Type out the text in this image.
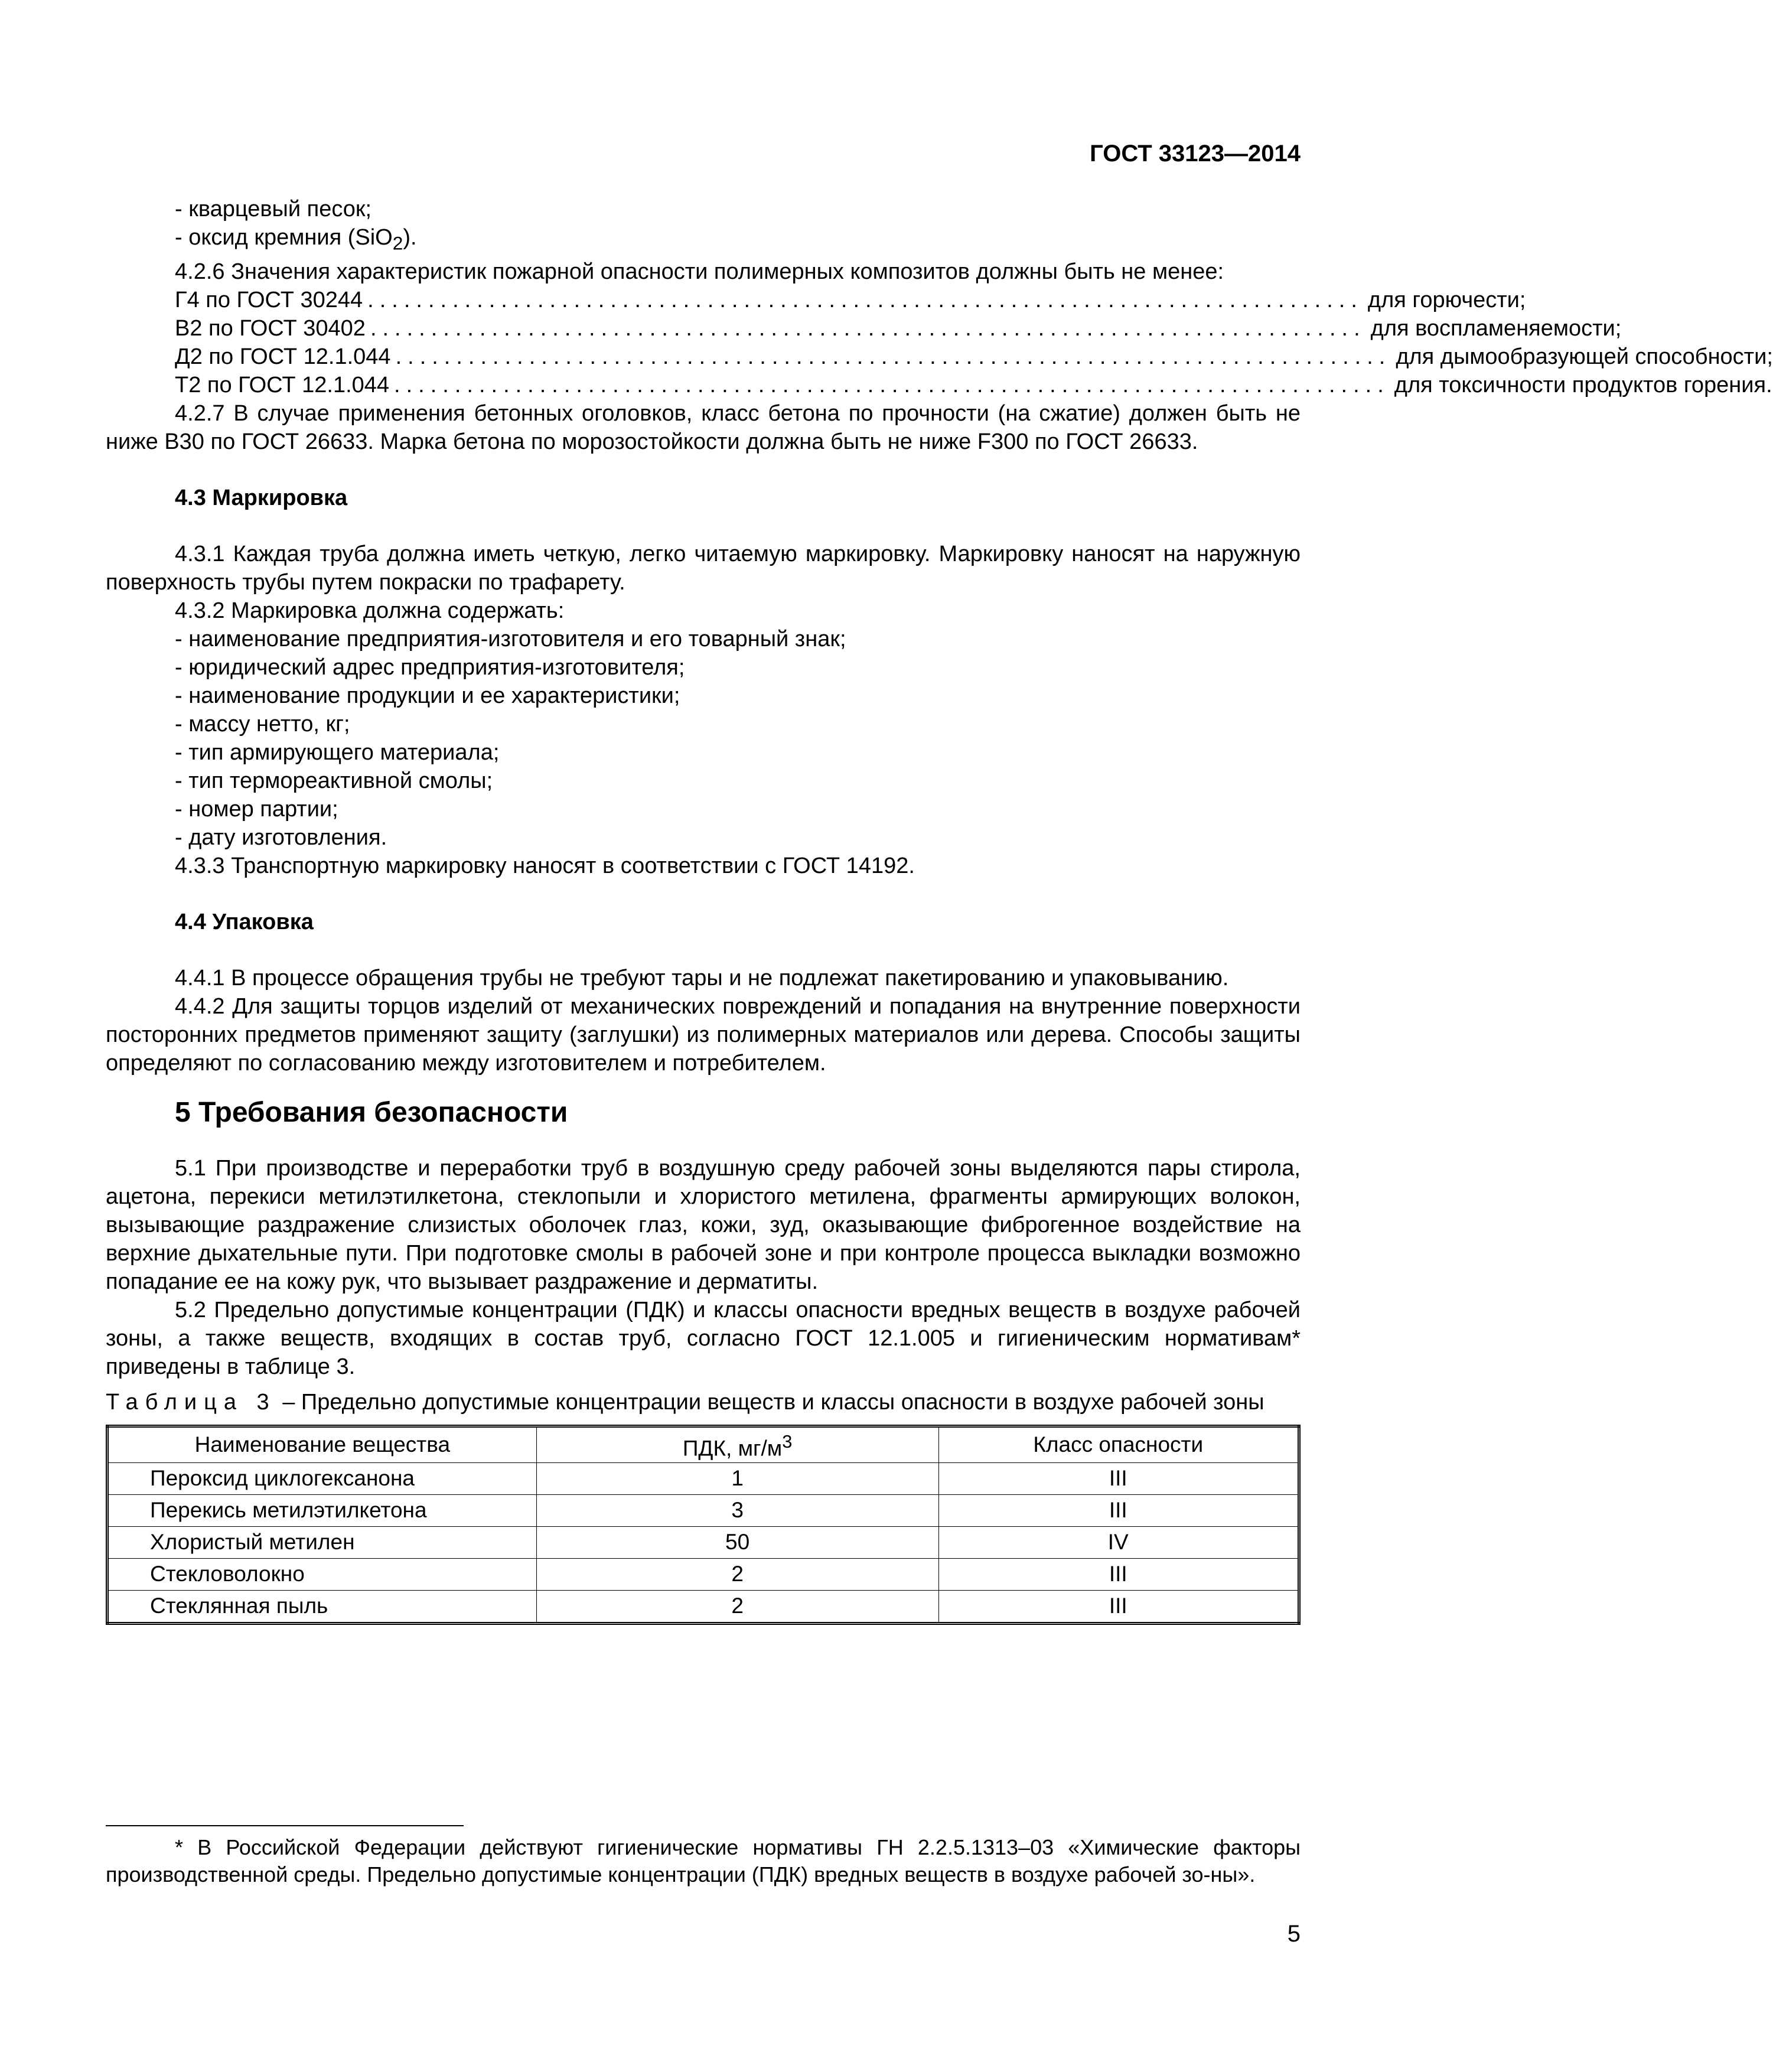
ГОСТ 33123—2014

- кварцевый песок;

- оксид кремния (SiO$_2$).

4.2.6 Значения характеристик пожарной опасности полимерных композитов должны быть не менее:

Г4 по ГОСТ 30244 .................................................................................. для горючести;
В2 по ГОСТ 30402 .................................................................................. для воспламеняемости;
Д2 по ГОСТ 12.1.044 .................................................................................. для дымообразующей способности;
Т2 по ГОСТ 12.1.044 .................................................................................. для токсичности продуктов горения.

4.2.7 В случае применения бетонных оголовков, класс бетона по прочности (на сжатие) должен быть не ниже В30 по ГОСТ 26633. Марка бетона по морозостойкости должна быть не ниже F300 по ГОСТ 26633.

4.3 Маркировка

4.3.1 Каждая труба должна иметь четкую, легко читаемую маркировку. Маркировку наносят на наружную поверхность трубы путем покраски по трафарету.

4.3.2 Маркировка должна содержать:

- наименование предприятия-изготовителя и его товарный знак;

- юридический адрес предприятия-изготовителя;

- наименование продукции и ее характеристики;

- массу нетто, кг;

- тип армирующего материала;

- тип термореактивной смолы;

- номер партии;

- дату изготовления.

4.3.3 Транспортную маркировку наносят в соответствии с ГОСТ 14192.

4.4 Упаковка

4.4.1 В процессе обращения трубы не требуют тары и не подлежат пакетированию и упаковыванию.

4.4.2 Для защиты торцов изделий от механических повреждений и попадания на внутренние поверхности посторонних предметов применяют защиту (заглушки) из полимерных материалов или дерева. Способы защиты определяют по согласованию между изготовителем и потребителем.

5 Требования безопасности

5.1 При производстве и переработки труб в воздушную среду рабочей зоны выделяются пары стирола, ацетона, перекиси метилэтилкетона, стеклопыли и хлористого метилена, фрагменты армирующих волокон, вызывающие раздражение слизистых оболочек глаз, кожи, зуд, оказывающие фиброгенное воздействие на верхние дыхательные пути. При подготовке смолы в рабочей зоне и при контроле процесса выкладки возможно попадание ее на кожу рук, что вызывает раздражение и дерматиты.

5.2 Предельно допустимые концентрации (ПДК) и классы опасности вредных веществ в воздухе рабочей зоны, а также веществ, входящих в состав труб, согласно ГОСТ 12.1.005 и гигиеническим нормативам* приведены в таблице 3.

Таблица 3 – Предельно допустимые концентрации веществ и классы опасности в воздухе рабочей зоны

Наименование вещества	ПДК, $мг/м^3$	Класс опасности
Пероксид циклогексанона	1	III
Перекись метилэтилкетона	3	III
Хлористый метилен	50	IV
Стекловолокно	2	III
Стеклянная пыль	2	III

* В Российской Федерации действуют гигиенические нормативы ГН 2.2.5.1313–03 «Химические факторы производственной среды. Предельно допустимые концентрации (ПДК) вредных веществ в воздухе рабочей зо-ны».

5
